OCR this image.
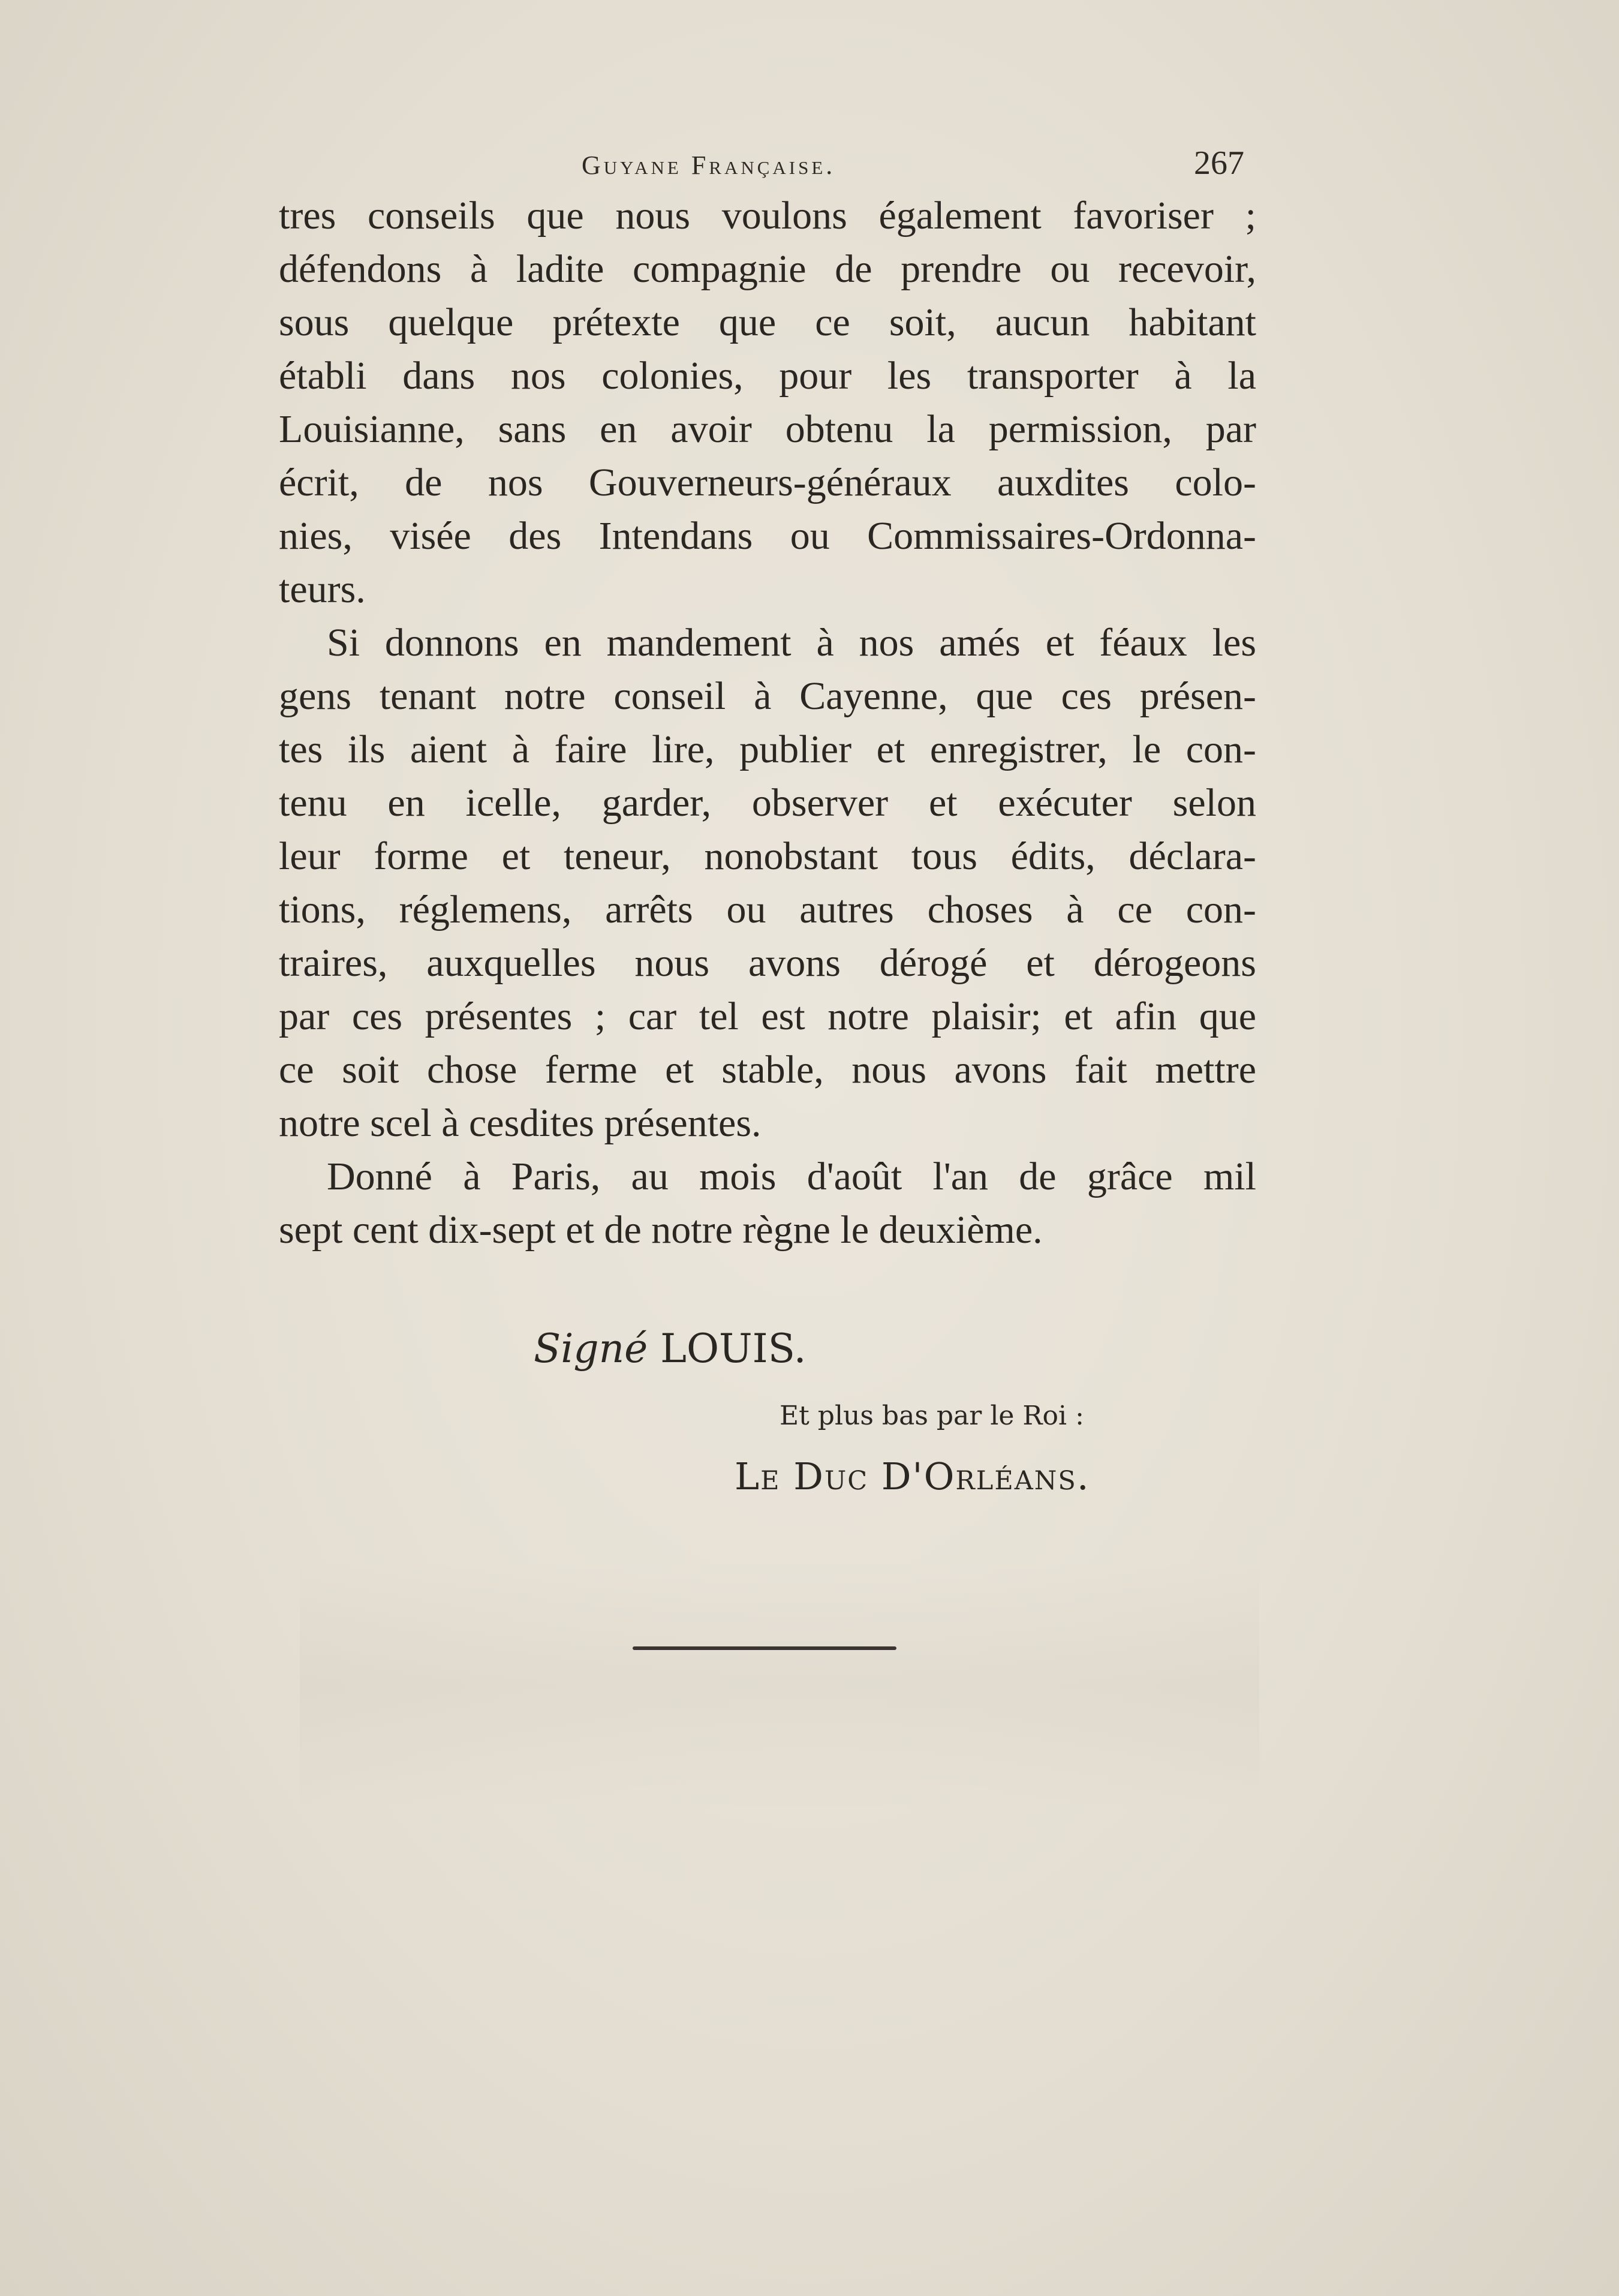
Guyane Française.	267
tres conseils que nous voulons également favoriser ;
défendons à ladite compagnie de prendre ou recevoir,
sous quelque prétexte que ce soit, aucun habitant
établi dans nos colonies, pour les transporter à la
Louisianne, sans en avoir obtenu la permission, par
écrit, de nos Gouverneurs-généraux auxdites colo-
nies, visée des Intendans ou Commissaires-Ordonna-
teurs.
Si donnons en mandement à nos amés et féaux les
gens tenant notre conseil à Cayenne, que ces présen-
tes ils aient à faire lire, publier et enregistrer, le con-
tenu en icelle, garder, observer et exécuter selon
leur forme et teneur, nonobstant tous édits, déclara-
tions, réglemens, arrêts ou autres choses à ce con-
traires, auxquelles nous avons dérogé et dérogeons
par ces présentes ; car tel est notre plaisir; et afin que
ce soit chose ferme et stable, nous avons fait mettre
notre scel à cesdites présentes.
Donné à Paris, au mois d'août l'an de grâce mil
sept cent dix-sept et de notre règne le deuxième.
Signé LOUIS.
Et plus bas par le Roi :
Le Duc D'Orléans.
